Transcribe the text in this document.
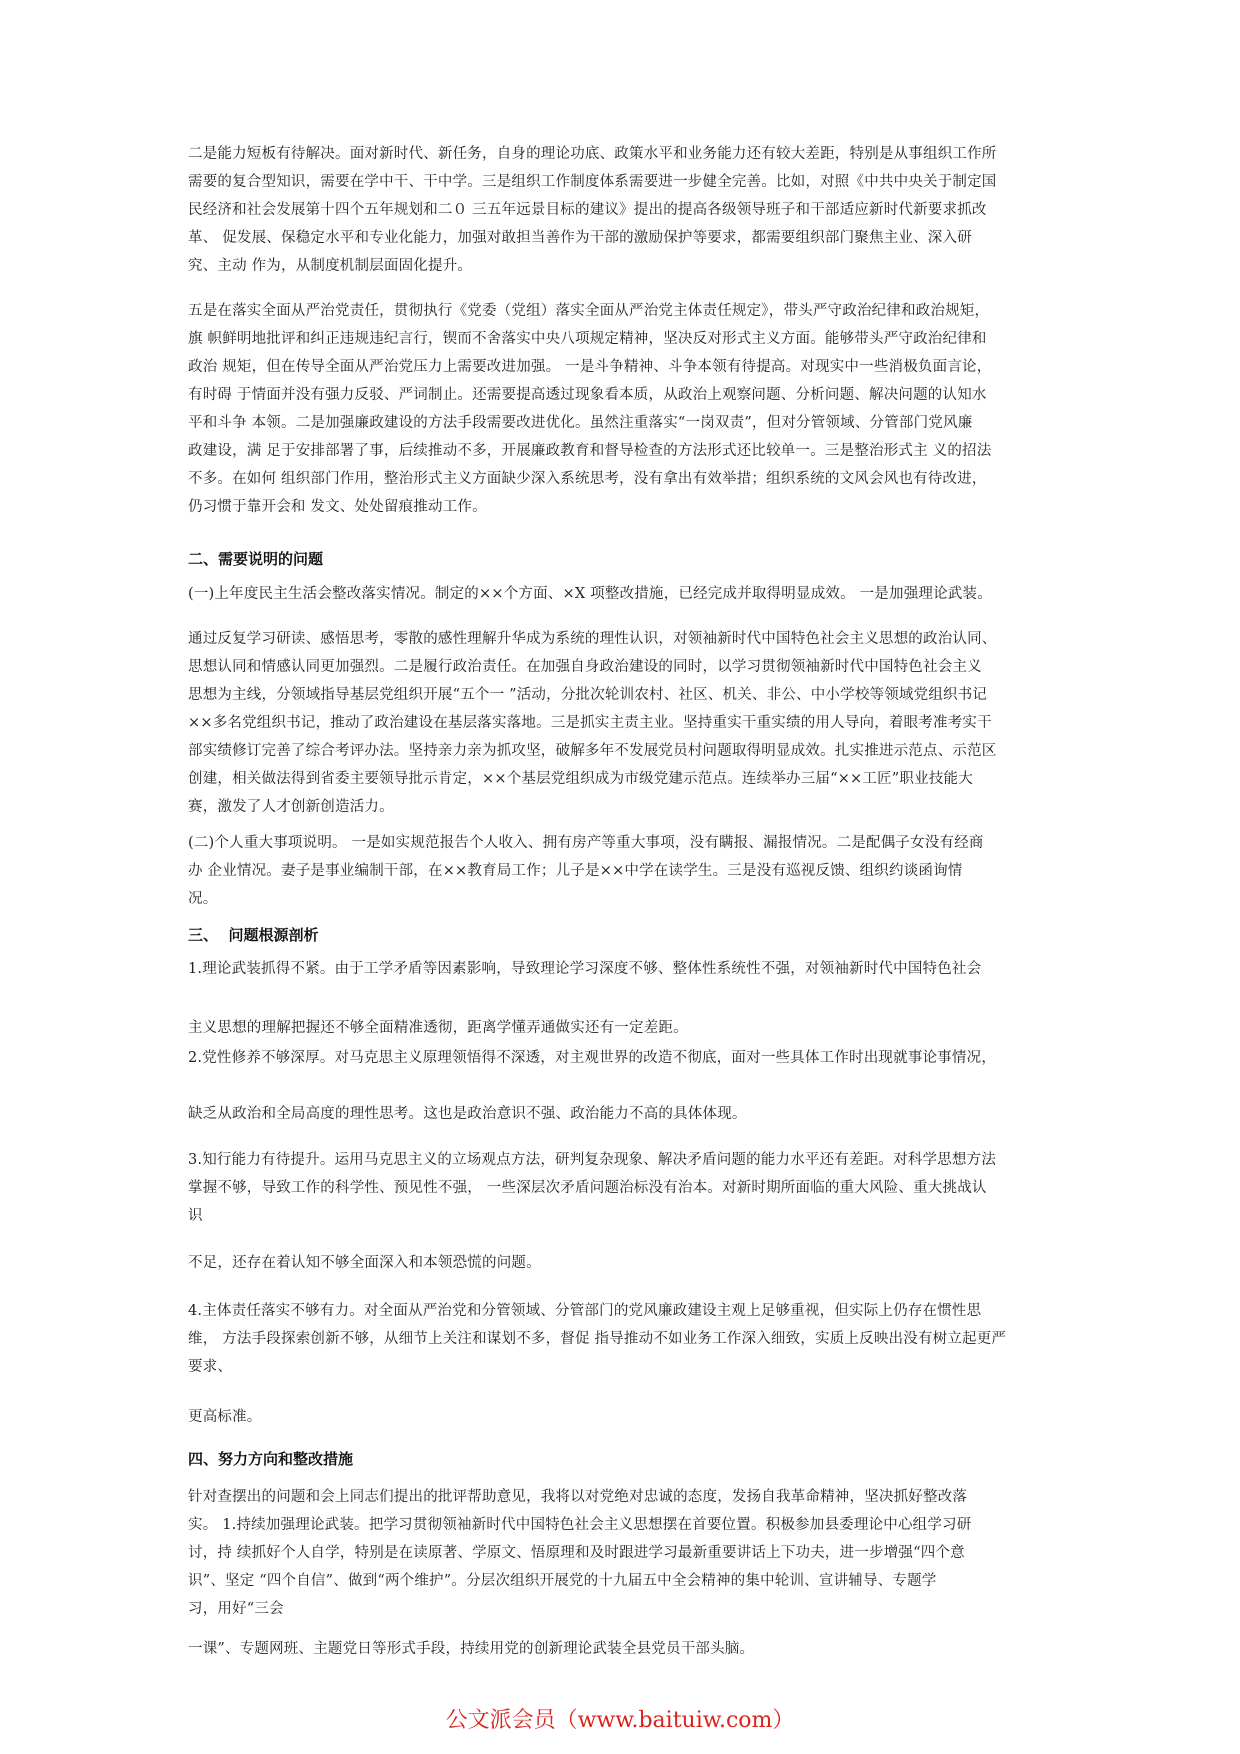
二是能力短板有待解决。面对新时代、新任务，自身的理论功底、政策水平和业务能力还有较大差距，特别是从事组织工作所
需要的复合型知识，需要在学中干、干中学。三是组织工作制度体系需要进一步健全完善。比如，对照《中共中央关于制定国
民经济和社会发展第十四个五年规划和二０ 三五年远景目标的建议》提出的提高各级领导班子和干部适应新时代新要求抓改
革、 促发展、保稳定水平和专业化能力，加强对敢担当善作为干部的激励保护等要求，都需要组织部门聚焦主业、深入研
究、主动 作为，从制度机制层面固化提升。

五是在落实全面从严治党责任，贯彻执行《党委（党组）落实全面从严治党主体责任规定》，带头严守政治纪律和政治规矩，
旗 帜鲜明地批评和纠正违规违纪言行，锲而不舍落实中央八项规定精神，坚决反对形式主义方面。能够带头严守政治纪律和
政治 规矩，但在传导全面从严治党压力上需要改进加强。 一是斗争精神、斗争本领有待提高。对现实中一些消极负面言论，
有时碍 于情面并没有强力反驳、严词制止。还需要提高透过现象看本质，从政治上观察问题、分析问题、解决问题的认知水
平和斗争 本领。二是加强廉政建设的方法手段需要改进优化。虽然注重落实“一岗双责”，但对分管领域、分管部门党风廉
政建设，满 足于安排部署了事，后续推动不多，开展廉政教育和督导检查的方法形式还比较单一。三是整治形式主 义的招法
不多。在如何 组织部门作用，整治形式主义方面缺少深入系统思考，没有拿出有效举措；组织系统的文风会风也有待改进，
仍习惯于靠开会和 发文、处处留痕推动工作。

二、需要说明的问题

(一)上年度民主生活会整改落实情况。制定的××个方面、×X 项整改措施，已经完成并取得明显成效。 一是加强理论武装。

通过反复学习研读、感悟思考，零散的感性理解升华成为系统的理性认识，对领袖新时代中国特色社会主义思想的政治认同、
思想认同和情感认同更加强烈。二是履行政治责任。在加强自身政治建设的同时，以学习贯彻领袖新时代中国特色社会主义
思想为主线，分领域指导基层党组织开展“五个一 ”活动，分批次轮训农村、社区、机关、非公、中小学校等领域党组织书记
××多名党组织书记，推动了政治建设在基层落实落地。三是抓实主责主业。坚持重实干重实绩的用人导向，着眼考准考实干
部实绩修订完善了综合考评办法。坚持亲力亲为抓攻坚，破解多年不发展党员村问题取得明显成效。扎实推进示范点、示范区
创建，相关做法得到省委主要领导批示肯定，××个基层党组织成为市级党建示范点。连续举办三届“××工匠”职业技能大
赛，激发了人才创新创造活力。

(二)个人重大事项说明。 一是如实规范报告个人收入、拥有房产等重大事项，没有瞒报、漏报情况。二是配偶子女没有经商
办 企业情况。妻子是事业编制干部，在××教育局工作；儿子是××中学在读学生。三是没有巡视反馈、组织约谈函询情
况。

三、  问题根源剖析

1.理论武装抓得不紧。由于工学矛盾等因素影响，导致理论学习深度不够、整体性系统性不强，对领袖新时代中国特色社会

主义思想的理解把握还不够全面精准透彻，距离学懂弄通做实还有一定差距。

2.党性修养不够深厚。对马克思主义原理领悟得不深透，对主观世界的改造不彻底，面对一些具体工作时出现就事论事情况，

缺乏从政治和全局高度的理性思考。这也是政治意识不强、政治能力不高的具体体现。

3.知行能力有待提升。运用马克思主义的立场观点方法，研判复杂现象、解决矛盾问题的能力水平还有差距。对科学思想方法
掌握不够，导致工作的科学性、预见性不强， 一些深层次矛盾问题治标没有治本。对新时期所面临的重大风险、重大挑战认
识

不足，还存在着认知不够全面深入和本领恐慌的问题。

4.主体责任落实不够有力。对全面从严治党和分管领域、分管部门的党风廉政建设主观上足够重视，但实际上仍存在惯性思
维， 方法手段探索创新不够，从细节上关注和谋划不多，督促 指导推动不如业务工作深入细致，实质上反映出没有树立起更严
要求、

更高标准。

四、努力方向和整改措施

针对查摆出的问题和会上同志们提出的批评帮助意见，我将以对党绝对忠诚的态度，发扬自我革命精神，坚决抓好整改落
实。 1.持续加强理论武装。把学习贯彻领袖新时代中国特色社会主义思想摆在首要位置。积极参加县委理论中心组学习研
讨，持 续抓好个人自学，特别是在读原著、学原文、悟原理和及时跟进学习最新重要讲话上下功夫，进一步增强“四个意
识”、坚定 “四个自信”、做到“两个维护”。分层次组织开展党的十九届五中全会精神的集中轮训、宣讲辅导、专题学
习，用好“三会

一课”、专题网班、主题党日等形式手段，持续用党的创新理论武装全县党员干部头脑。

公文派会员（www.baituiw.com）
